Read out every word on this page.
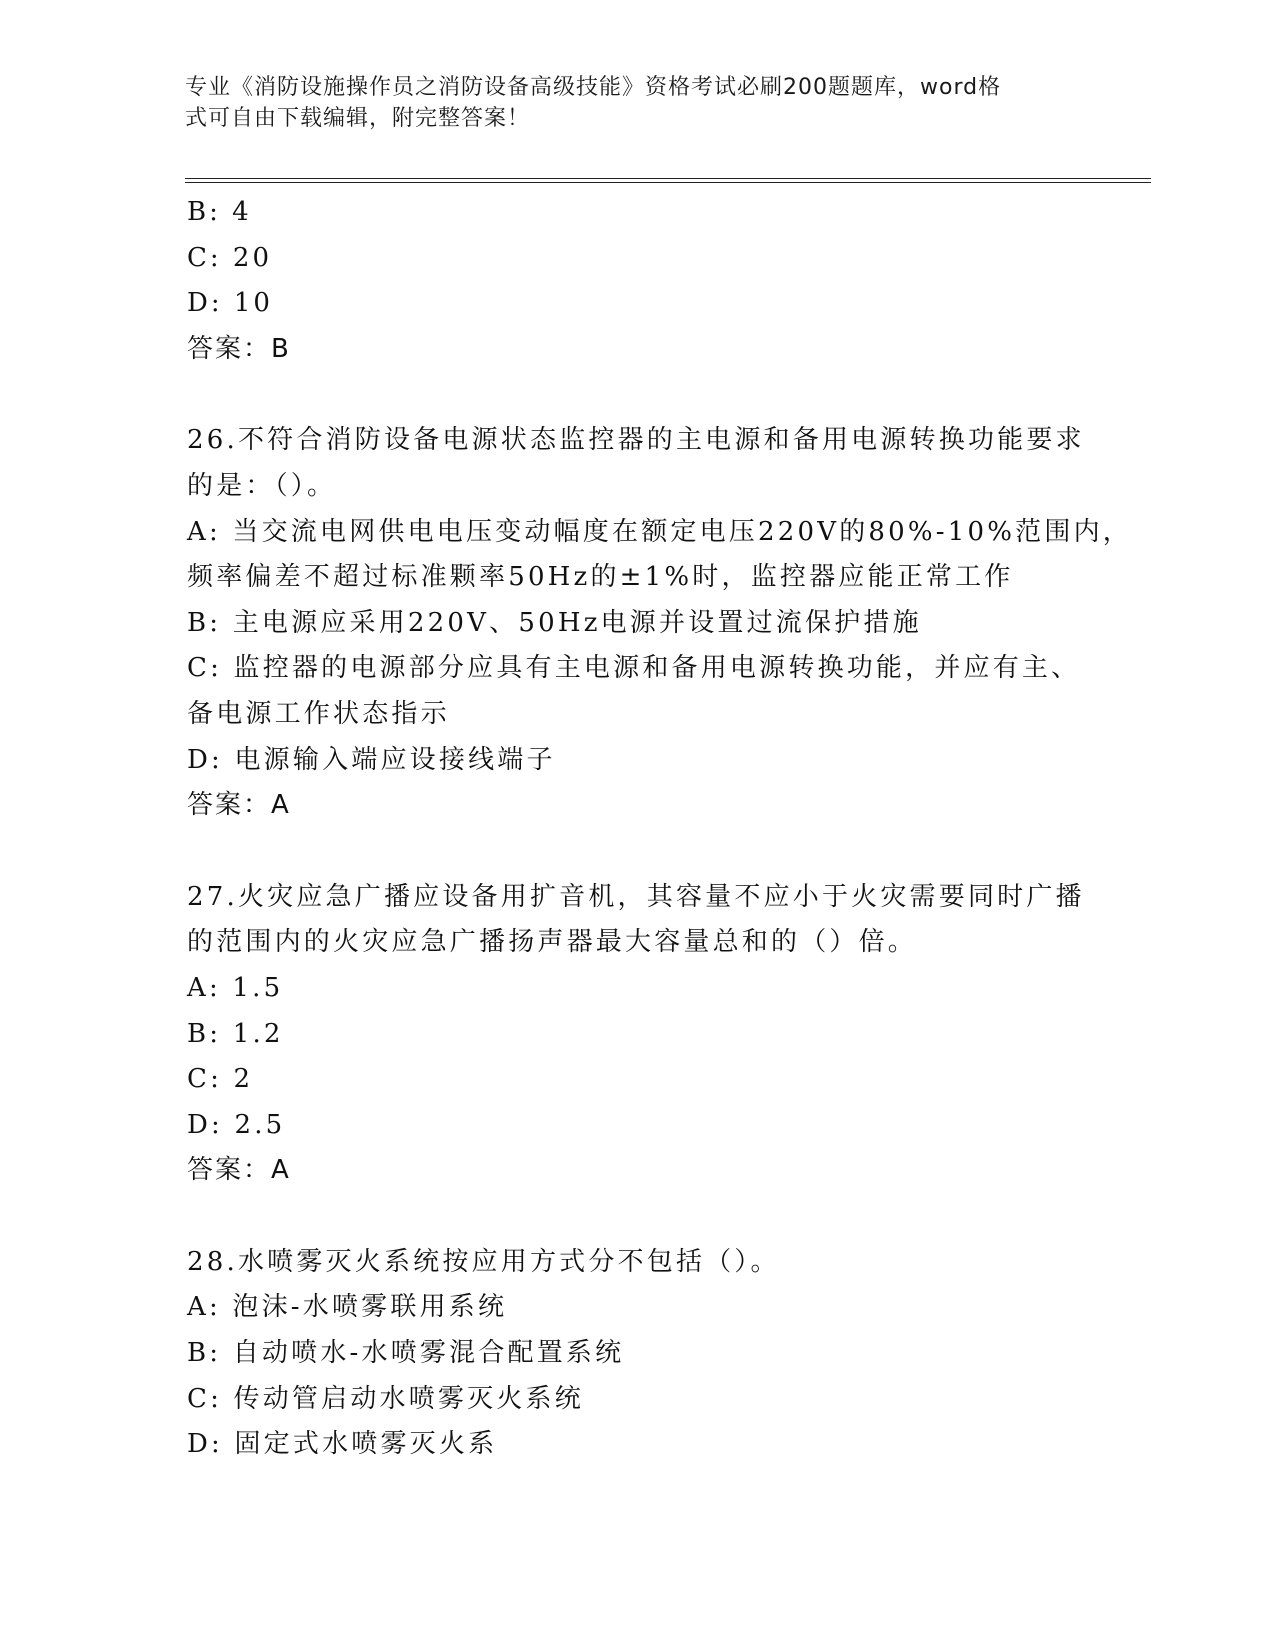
专业《消防设施操作员之消防设备高级技能》资格考试必刷200题题库，word格
式可自由下载编辑，附完整答案！
B: 4
C: 20
D: 10
答案：B
26.不符合消防设备电源状态监控器的主电源和备用电源转换功能要求
的是：（）。
A: 当交流电网供电电压变动幅度在额定电压220V的80%-10%范围内，
频率偏差不超过标准颗率50Hz的±1%时，监控器应能正常工作
B: 主电源应采用220V、50Hz电源并设置过流保护措施
C: 监控器的电源部分应具有主电源和备用电源转换功能，并应有主、
备电源工作状态指示
D: 电源输入端应设接线端子
答案：A
27.火灾应急广播应设备用扩音机，其容量不应小于火灾需要同时广播
的范围内的火灾应急广播扬声器最大容量总和的（）倍。
A: 1.5
B: 1.2
C: 2
D: 2.5
答案：A
28.水喷雾灭火系统按应用方式分不包括（）。
A: 泡沫-水喷雾联用系统
B: 自动喷水-水喷雾混合配置系统
C: 传动管启动水喷雾灭火系统
D: 固定式水喷雾灭火系
